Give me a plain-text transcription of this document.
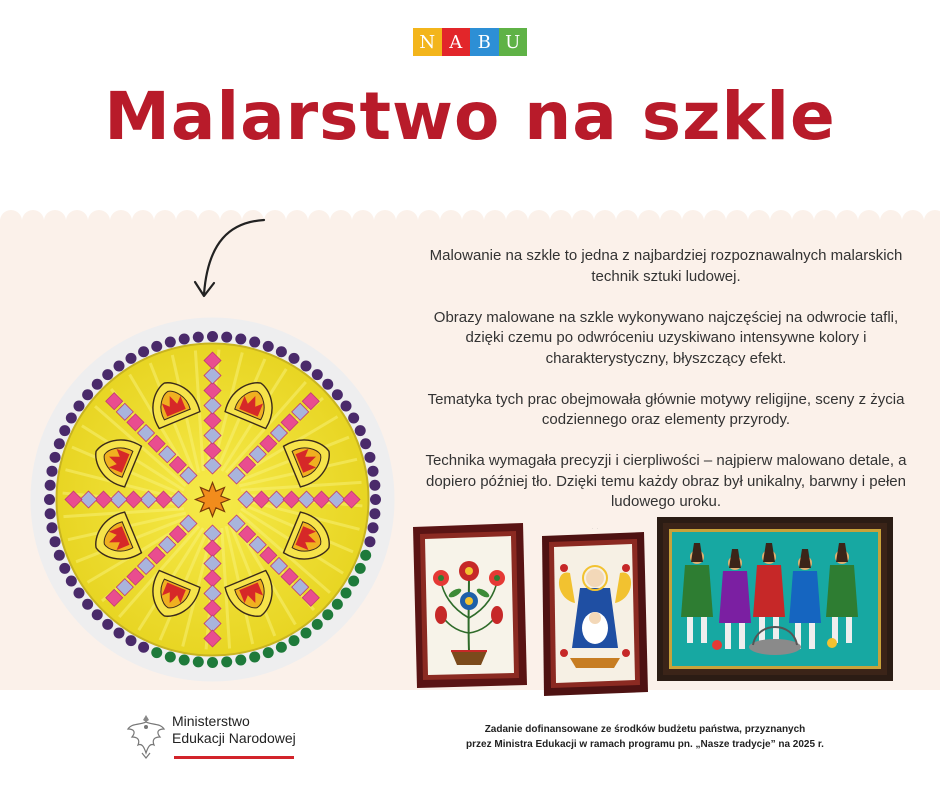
N A B U
Malarstwo na szkle

Malowanie na szkle to jedna z najbardziej rozpoznawalnych malarskich technik sztuki ludowej.

Obrazy malowane na szkle wykonywano najczęściej na odwrocie tafli, dzięki czemu po odwróceniu uzyskiwano intensywne kolory i charakterystyczny, błyszczący efekt.

Tematyka tych prac obejmowała głównie motywy religijne, sceny z życia codziennego oraz elementy przyrody.

Technika wymagała precyzji i cierpliwości – najpierw malowano detale, a dopiero później tło. Dzięki temu każdy obraz był unikalny, barwny i pełen ludowego uroku.

Ministerstwo
Edukacji Narodowej
Zadanie dofinansowane ze środków budżetu państwa, przyznanych
przez Ministra Edukacji w ramach programu pn. „Nasze tradycje” na 2025 r.
